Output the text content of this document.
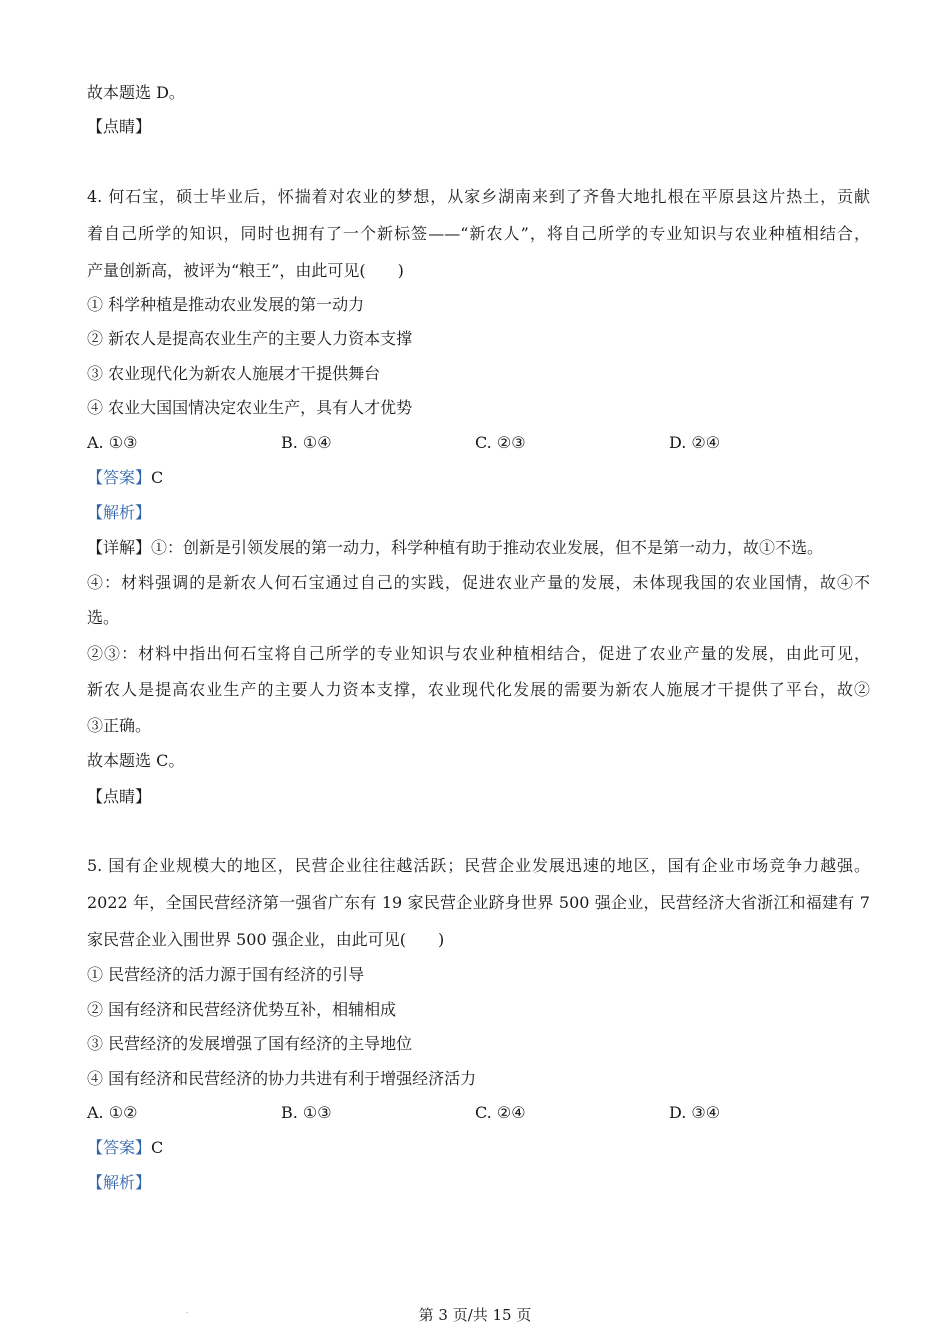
故本题选 D。
【点睛】
4. 何石宝，硕士毕业后，怀揣着对农业的梦想，从家乡湖南来到了齐鲁大地扎根在平原县这片热土，贡献
着自己所学的知识，同时也拥有了一个新标签——“新农人”，将自己所学的专业知识与农业种植相结合，
产量创新高，被评为“粮王”，由此可见(　　)
① 科学种植是推动农业发展的第一动力
② 新农人是提高农业生产的主要人力资本支撑
③ 农业现代化为新农人施展才干提供舞台
④ 农业大国国情决定农业生产，具有人才优势
A. ①③	B. ①④	C. ②③	D. ②④
【答案】C
【解析】
【详解】①：创新是引领发展的第一动力，科学种植有助于推动农业发展，但不是第一动力，故①不选。
④：材料强调的是新农人何石宝通过自己的实践，促进农业产量的发展，未体现我国的农业国情，故④不
选。
②③：材料中指出何石宝将自己所学的专业知识与农业种植相结合，促进了农业产量的发展，由此可见，
新农人是提高农业生产的主要人力资本支撑，农业现代化发展的需要为新农人施展才干提供了平台，故②
③正确。
故本题选 C。
【点睛】
5. 国有企业规模大的地区，民营企业往往越活跃；民营企业发展迅速的地区，国有企业市场竞争力越强。
2022 年，全国民营经济第一强省广东有 19 家民营企业跻身世界 500 强企业，民营经济大省浙江和福建有 7
家民营企业入围世界 500 强企业，由此可见(　　)
① 民营经济的活力源于国有经济的引导
② 国有经济和民营经济优势互补，相辅相成
③ 民营经济的发展增强了国有经济的主导地位
④ 国有经济和民营经济的协力共进有利于增强经济活力
A. ①②	B. ①③	C. ②④	D. ③④
【答案】C
【解析】
.	第 3 页/共 15 页
